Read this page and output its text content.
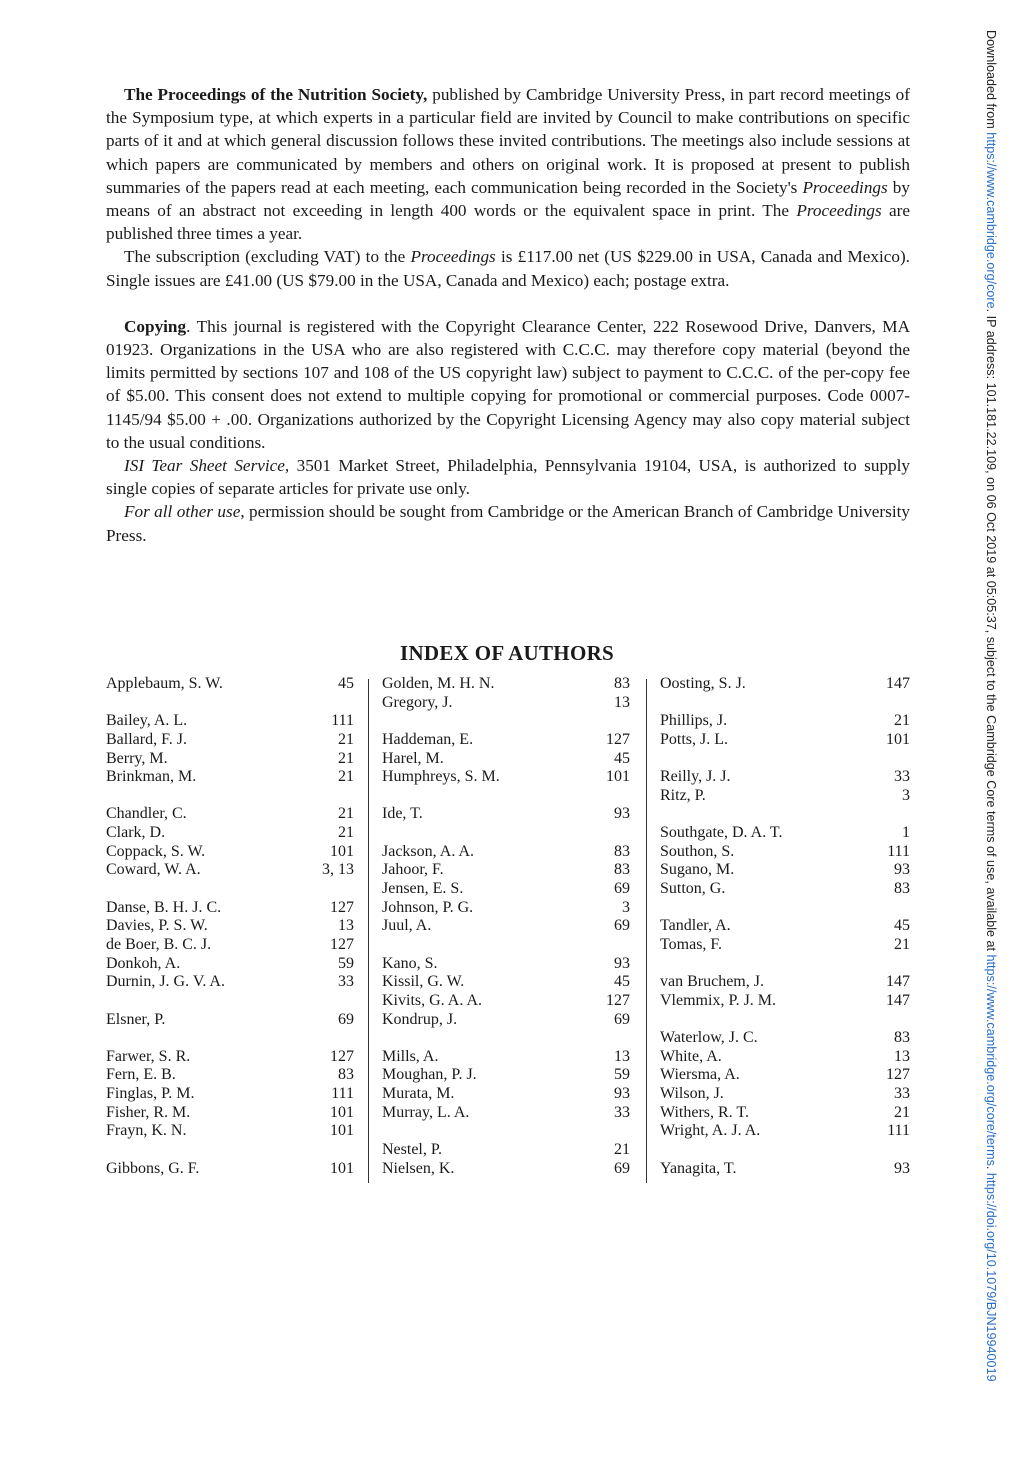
Downloaded from https://www.cambridge.org/core. IP address: 101.181.22.109, on 06 Oct 2019 at 05:05:37, subject to the Cambridge Core terms of use, available at https://www.cambridge.org/core/terms. https://doi.org/10.1079/BJN19940019

The Proceedings of the Nutrition Society, published by Cambridge University Press, in part record meetings of the Symposium type, at which experts in a particular field are invited by Council to make contributions on specific parts of it and at which general discussion follows these invited contributions. The meetings also include sessions at which papers are communicated by members and others on original work. It is proposed at present to publish summaries of the papers read at each meeting, each communication being recorded in the Society's Proceedings by means of an abstract not exceeding in length 400 words or the equivalent space in print. The Proceedings are published three times a year.

The subscription (excluding VAT) to the Proceedings is £117.00 net (US $229.00 in USA, Canada and Mexico). Single issues are £41.00 (US $79.00 in the USA, Canada and Mexico) each; postage extra.

Copying. This journal is registered with the Copyright Clearance Center, 222 Rosewood Drive, Danvers, MA 01923. Organizations in the USA who are also registered with C.C.C. may therefore copy material (beyond the limits permitted by sections 107 and 108 of the US copyright law) subject to payment to C.C.C. of the per-copy fee of $5.00. This consent does not extend to multiple copying for promotional or commercial purposes. Code 0007-1145/94 $5.00 + .00. Organizations authorized by the Copyright Licensing Agency may also copy material subject to the usual conditions.

ISI Tear Sheet Service, 3501 Market Street, Philadelphia, Pennsylvania 19104, USA, is authorized to supply single copies of separate articles for private use only.

For all other use, permission should be sought from Cambridge or the American Branch of Cambridge University Press.

INDEX OF AUTHORS
Applebaum, S. W.	45
Bailey, A. L.	111
Ballard, F. J.	21
Berry, M.	21
Brinkman, M.	21
Chandler, C.	21
Clark, D.	21
Coppack, S. W.	101
Coward, W. A.	3, 13
Danse, B. H. J. C.	127
Davies, P. S. W.	13
de Boer, B. C. J.	127
Donkoh, A.	59
Durnin, J. G. V. A.	33
Elsner, P.	69
Farwer, S. R.	127
Fern, E. B.	83
Finglas, P. M.	111
Fisher, R. M.	101
Frayn, K. N.	101
Gibbons, G. F.	101
Golden, M. H. N.	83
Gregory, J.	13
Haddeman, E.	127
Harel, M.	45
Humphreys, S. M.	101
Ide, T.	93
Jackson, A. A.	83
Jahoor, F.	83
Jensen, E. S.	69
Johnson, P. G.	3
Juul, A.	69
Kano, S.	93
Kissil, G. W.	45
Kivits, G. A. A.	127
Kondrup, J.	69
Mills, A.	13
Moughan, P. J.	59
Murata, M.	93
Murray, L. A.	33
Nestel, P.	21
Nielsen, K.	69
Oosting, S. J.	147
Phillips, J.	21
Potts, J. L.	101
Reilly, J. J.	33
Ritz, P.	3
Southgate, D. A. T.	1
Southon, S.	111
Sugano, M.	93
Sutton, G.	83
Tandler, A.	45
Tomas, F.	21
van Bruchem, J.	147
Vlemmix, P. J. M.	147
Waterlow, J. C.	83
White, A.	13
Wiersma, A.	127
Wilson, J.	33
Withers, R. T.	21
Wright, A. J. A.	111
Yanagita, T.	93
